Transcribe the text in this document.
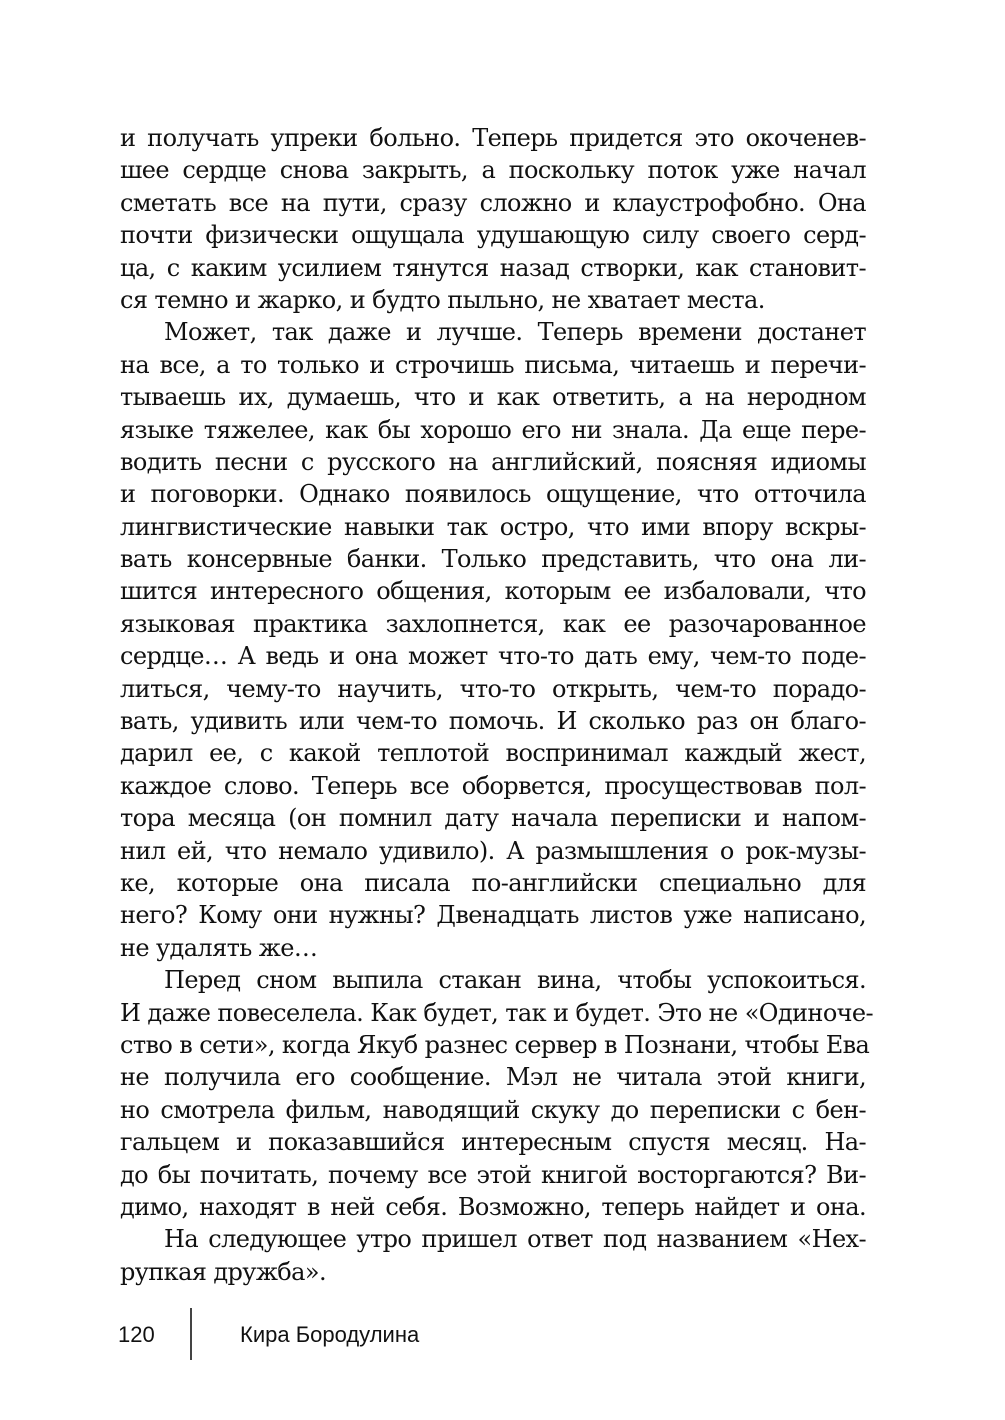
и получать упреки больно. Теперь придется это окоченев-
шее сердце снова закрыть, а поскольку поток уже начал
сметать все на пути, сразу сложно и клаустрофобно. Она
почти физически ощущала удушающую силу своего серд-
ца, с каким усилием тянутся назад створки, как становит-
ся темно и жарко, и будто пыльно, не хватает места.
Может, так даже и лучше. Теперь времени достанет
на все, а то только и строчишь письма, читаешь и перечи-
тываешь их, думаешь, что и как ответить, а на неродном
языке тяжелее, как бы хорошо его ни знала. Да еще пере-
водить песни с русского на английский, поясняя идиомы
и поговорки. Однако появилось ощущение, что отточила
лингвистические навыки так остро, что ими впору вскры-
вать консервные банки. Только представить, что она ли-
шится интересного общения, которым ее избаловали, что
языковая практика захлопнется, как ее разочарованное
сердце… А ведь и она может что-то дать ему, чем-то поде-
литься, чему-то научить, что-то открыть, чем-то порадо-
вать, удивить или чем-то помочь. И сколько раз он благо-
дарил ее, с какой теплотой воспринимал каждый жест,
каждое слово. Теперь все оборвется, просуществовав пол-
тора месяца (он помнил дату начала переписки и напом-
нил ей, что немало удивило). А размышления о рок-музы-
ке, которые она писала по-английски специально для
него? Кому они нужны? Двенадцать листов уже написано,
не удалять же…
Перед сном выпила стакан вина, чтобы успокоиться.
И даже повеселела. Как будет, так и будет. Это не «Одиноче-
ство в сети», когда Якуб разнес сервер в Познани, чтобы Ева
не получила его сообщение. Мэл не читала этой книги,
но смотрела фильм, наводящий скуку до переписки с бен-
гальцем и показавшийся интересным спустя месяц. На-
до бы почитать, почему все этой книгой восторгаются? Ви-
димо, находят в ней себя. Возможно, теперь найдет и она.
На следующее утро пришел ответ под названием «Нех-
рупкая дружба».
120	Кира Бородулина
